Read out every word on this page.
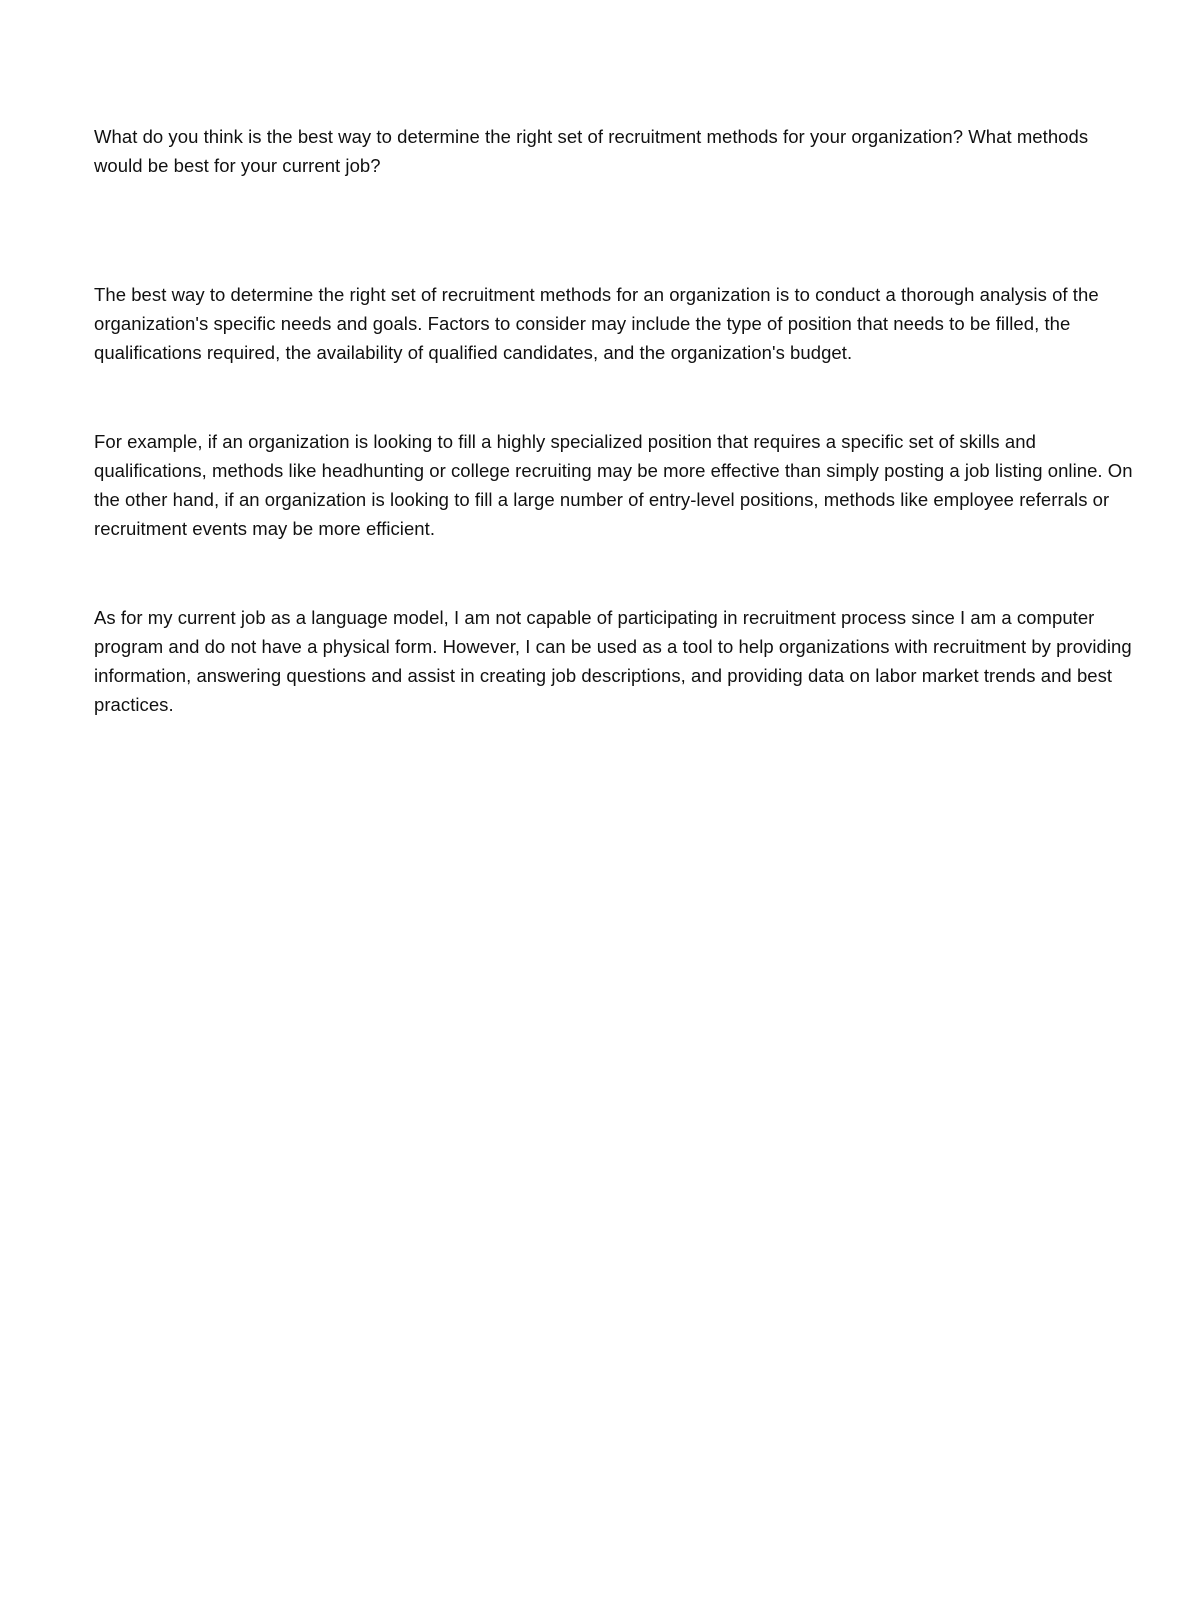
What do you think is the best way to determine the right set of recruitment methods for your organization? What methods would be best for your current job?

The best way to determine the right set of recruitment methods for an organization is to conduct a thorough analysis of the organization's specific needs and goals. Factors to consider may include the type of position that needs to be filled, the qualifications required, the availability of qualified candidates, and the organization's budget.

For example, if an organization is looking to fill a highly specialized position that requires a specific set of skills and qualifications, methods like headhunting or college recruiting may be more effective than simply posting a job listing online. On the other hand, if an organization is looking to fill a large number of entry-level positions, methods like employee referrals or recruitment events may be more efficient.

As for my current job as a language model, I am not capable of participating in recruitment process since I am a computer program and do not have a physical form. However, I can be used as a tool to help organizations with recruitment by providing information, answering questions and assist in creating job descriptions, and providing data on labor market trends and best practices.
